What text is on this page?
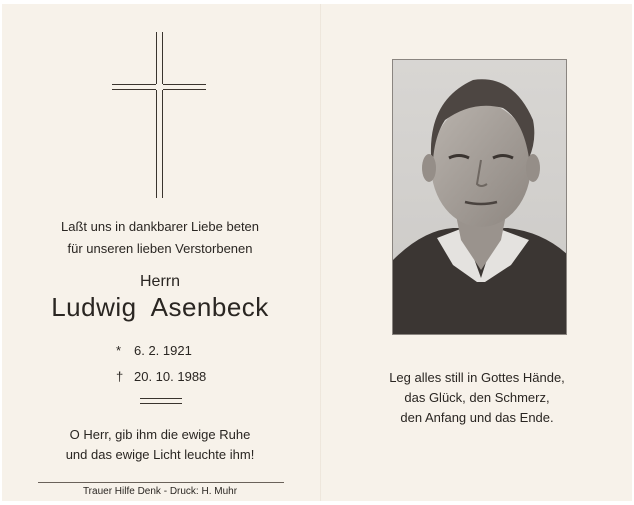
Laßt uns in dankbarer Liebe beten
für unseren lieben Verstorbenen
Herrn
Ludwig  Asenbeck
* 6. 2. 1921
† 20. 10. 1988
O Herr, gib ihm die ewige Ruhe
und das ewige Licht leuchte ihm!
Trauer Hilfe Denk - Druck: H. Muhr
Leg alles still in Gottes Hände,
das Glück, den Schmerz,
den Anfang und das Ende.
